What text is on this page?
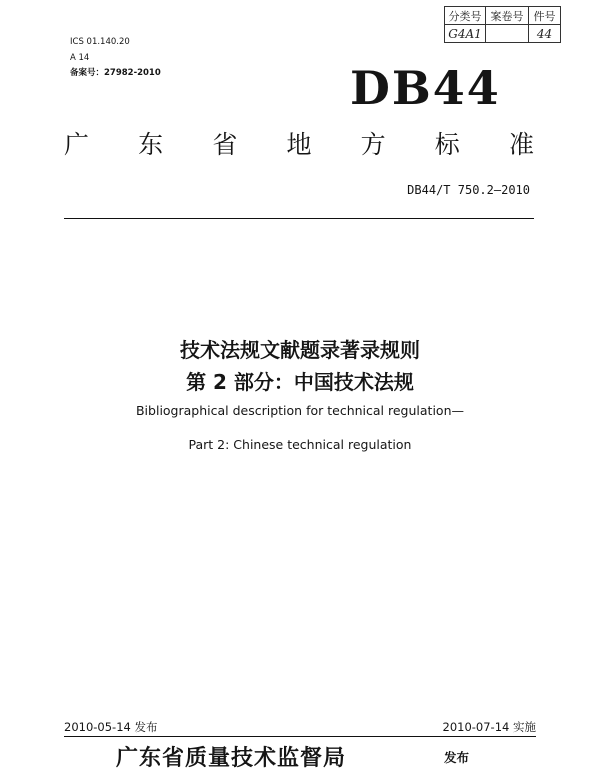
分类号	案卷号	件号
G4A1		44
ICS 01.140.20
A 14
备案号：27982-2010	DB44
广 东 省 地 方 标 准
DB44/T 750.2—2010
技术法规文献题录著录规则
第 2 部分：中国技术法规
Bibliographical description for technical regulation—
Part 2: Chinese technical regulation
2010-05-14 发布	2010-07-14 实施
广东省质量技术监督局	发布
